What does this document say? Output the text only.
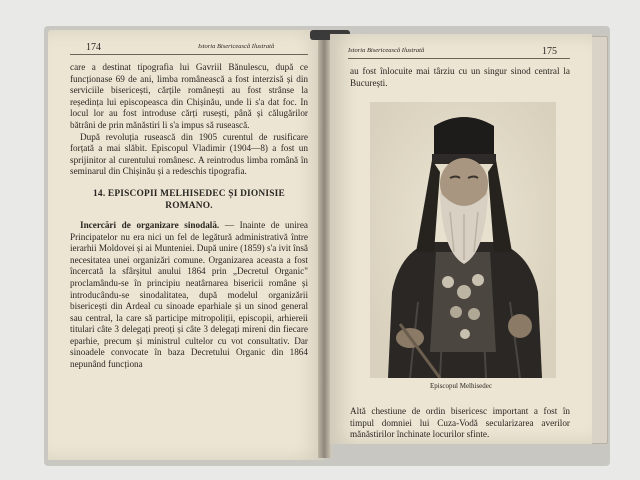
174	Istoria Bisericească Ilustrată

care a destinat tipografia lui Gavriil Bănulescu, după ce funcționase 69 de ani, limba românească a fost interzisă și din serviciile bisericești, cărțile românești au fost strânse la reședința lui episcopeasca din Chișinău, unde li s'a dat foc. In locul lor au fost introduse cărți rusești, până și călugărilor bătrâni de prin mănăstiri li s'a impus să rusească.

După revoluția rusească din 1905 curentul de rusificare forțată a mai slăbit. Episcopul Vladimir (1904—8) a fost un sprijinitor al curentului românesc. A reintrodus limba română în seminarul din Chișinău și a redeschis tipografia.

14. EPISCOPII MELHISEDEC ȘI DIONISIE ROMANO.

Incercări de organizare sinodală. — Inainte de unirea Principatelor nu era nici un fel de legătură administrativă între ierarhii Moldovei și ai Munteniei. După unire (1859) s'a ivit însă necesitatea unei organizări comune. Organizarea aceasta a fost încercată la sfârșitul anului 1864 prin „Decretul Organic" proclamându-se în principiu neatârnarea bisericii române și introducându-se sinodalitatea, după modelul organizării bisericești din Ardeal cu sinoade eparhiale și un sinod general sau central, la care să participe mitropoliții, episcopii, arhiereii titulari câte 3 delegați preoți și câte 3 delegați mireni din fiecare eparhie, precum și ministrul cultelor cu vot consultativ. Dar sinoadele convocate în baza Decretului Organic din 1864 nepunând funcționa

Istoria Bisericească Ilustrată	175
au fost înlocuite mai târziu cu un singur sinod central la București.
Episcopul Melhisedec

Altă chestiune de ordin bisericesc important a fost în timpul domniei lui Cuza-Vodă secularizarea averilor mănăstirilor închinate locurilor sfinte.
